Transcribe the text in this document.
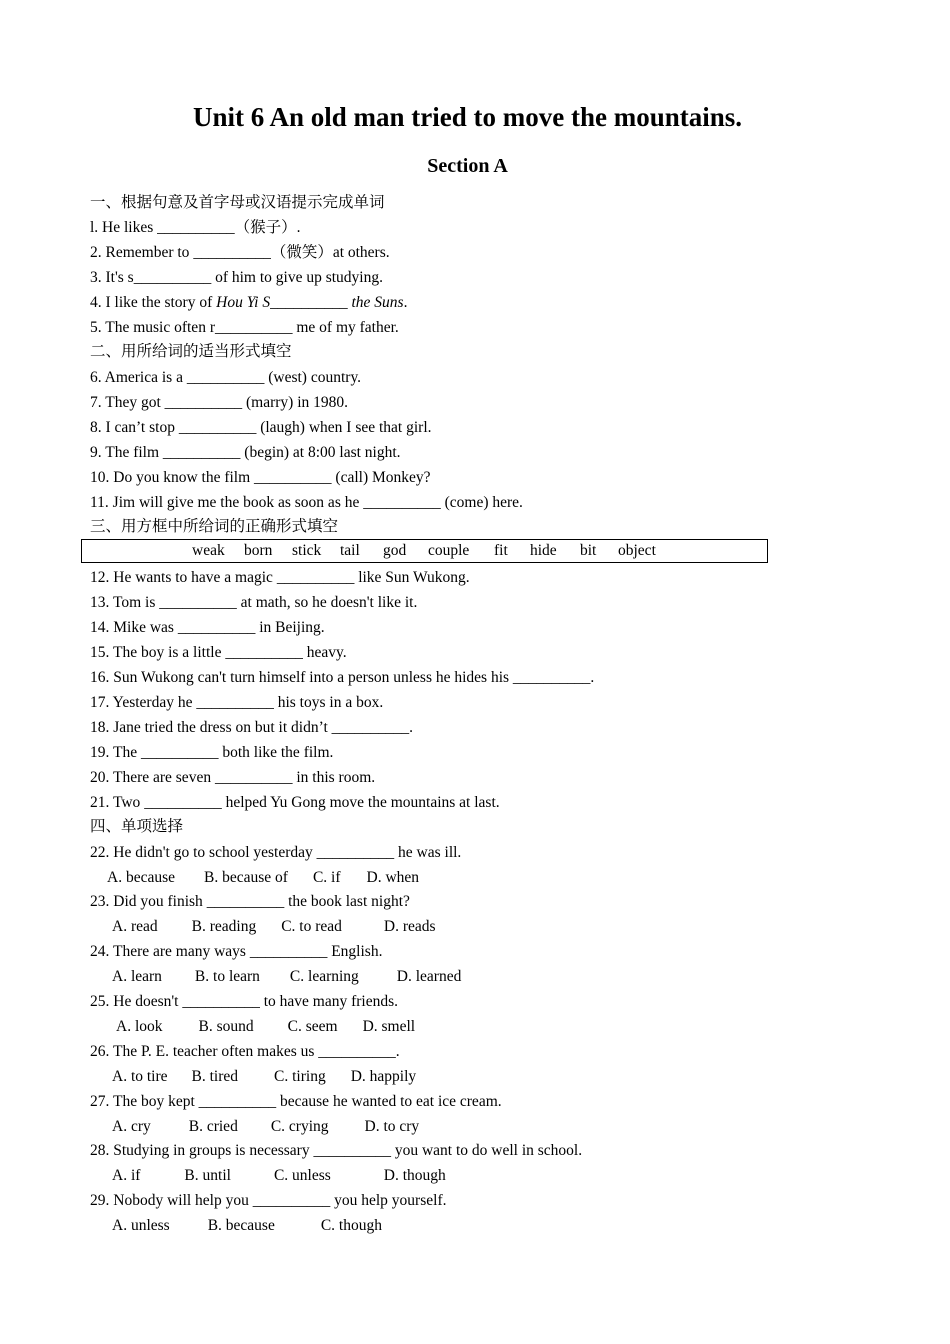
Unit 6 An old man tried to move the mountains.
Section A
一、根据句意及首字母或汉语提示完成单词
l. He likes __________（猴子）.
2. Remember to __________（微笑）at others.
3. It's s__________ of him to give up studying.
4. I like the story of Hou Yi S__________ the Suns.
5. The music often r__________ me of my father.
二、用所给词的适当形式填空
6. America is a __________ (west) country.
7. They got __________ (marry) in 1980.
8. I can’t stop __________ (laugh) when I see that girl.
9. The film __________ (begin) at 8:00 last night.
10. Do you know the film __________ (call) Monkey?
11. Jim will give me the book as soon as he __________ (come) here.
三、用方框中所给词的正确形式填空
weak born stick tail god couple fit hide bit object
12. He wants to have a magic __________ like Sun Wukong.
13. Tom is __________ at math, so he doesn't like it.
14. Mike was __________ in Beijing.
15. The boy is a little __________ heavy.
16. Sun Wukong can't turn himself into a person unless he hides his __________.
17. Yesterday he __________ his toys in a box.
18. Jane tried the dress on but it didn’t __________.
19. The __________ both like the film.
20. There are seven __________ in this room.
21. Two __________ helped Yu Gong move the mountains at last.
四、单项选择
22. He didn't go to school yesterday __________ he was ill.
A. because B. because of C. if D. when
23. Did you finish __________ the book last night?
A. read B. reading C. to read	D. reads
24. There are many ways __________ English.
A. learn B. to learn C. learning D. learned
25. He doesn't __________ to have many friends.
A. look B. sound C. seem D. smell
26. The P. E. teacher often makes us __________.
A. to tire B. tired C. tiring D. happily
27. The boy kept __________ because he wanted to eat ice cream.
A. cry B. cried C. crying D. to cry
28. Studying in groups is necessary __________ you want to do well in school.
A. if	B. until	C. unless	D. though
29. Nobody will help you __________ you help yourself.
A. unless B. because	C. though
